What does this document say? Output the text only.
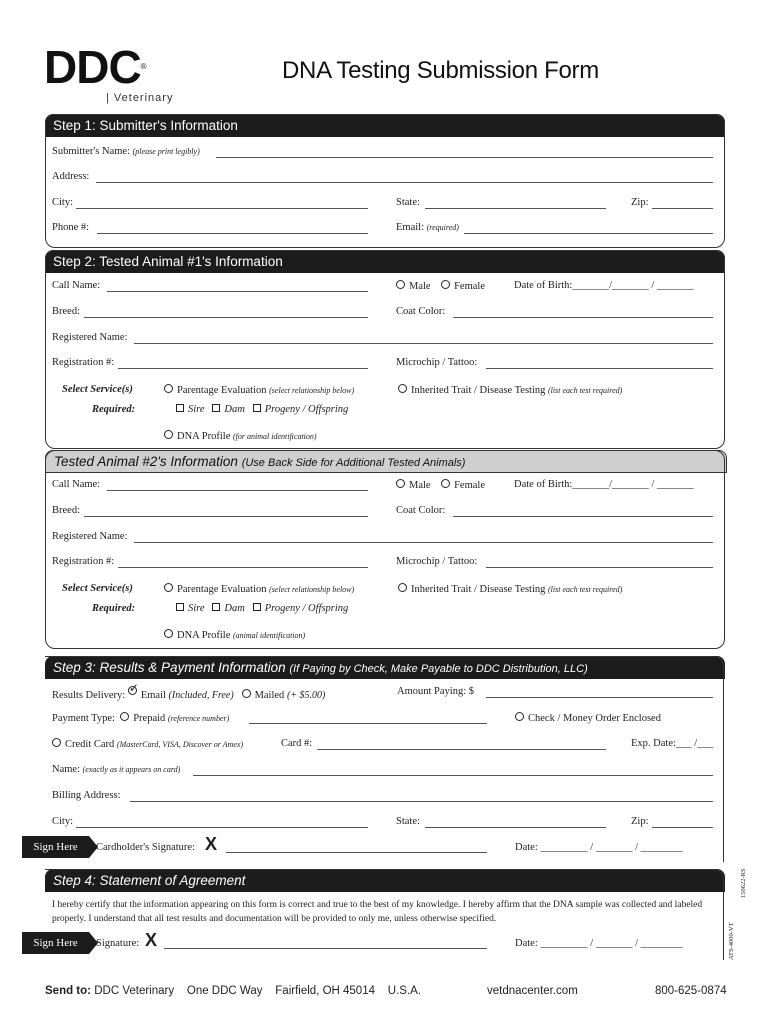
DDC®
| Veterinary
DNA Testing Submission Form
Step 1: Submitter's Information
Submitter's Name: (please print legibly)
Address:
City:	State:	Zip:
Phone #:	Email: (required)
Step 2: Tested Animal #1's Information
Call Name:	Male Female	Date of Birth:_______/_______ / _______
Breed:	Coat Color:
Registered Name:
Registration #:	Microchip / Tattoo:
Select Service(s)	Parentage Evaluation (select relationship below)	Inherited Trait / Disease Testing (list each test required)
Required:	Sire Dam Progeny / Offspring
DNA Profile (for animal identification)
Tested Animal #2's Information (Use Back Side for Additional Tested Animals)
Call Name:	Male Female	Date of Birth:_______/_______ / _______
Breed:	Coat Color:
Registered Name:
Registration #:	Microchip / Tattoo:
Select Service(s)	Parentage Evaluation (select relationship below)	Inherited Trait / Disease Testing (list each test required)
Required:	Sire Dam Progeny / Offspring
DNA Profile (animal identification)
Step 3: Results & Payment Information (If Paying by Check, Make Payable to DDC Distribution, LLC)
Results Delivery: ✓Email (Included, Free) Mailed (+ $5.00)	Amount Paying: $
Payment Type: Prepaid (reference number)	Check / Money Order Enclosed
Credit Card (MasterCard, VISA, Discover or Amex)	Card #:	Exp. Date:___ /___
Name: (exactly as it appears on card)
Billing Address:
City:	State:	Zip:
Sign Here	Cardholder's Signature: X	Date: _________ / _______ / ________
Step 4: Statement of Agreement
I hereby certify that the information appearing on this form is correct and true to the best of my knowledge. I hereby affirm that the DNA sample was collected and labeled properly. I understand that all test results and documentation will be provided to only me, unless otherwise specified.
Sign Here	Signature: X	Date: _________ / _______ / ________	ATS-4000-VT
150622-RS
Send to: DDC Veterinary One DDC Way Fairfield, OH 45014 U.S.A.	vetdnacenter.com	800-625-0874
